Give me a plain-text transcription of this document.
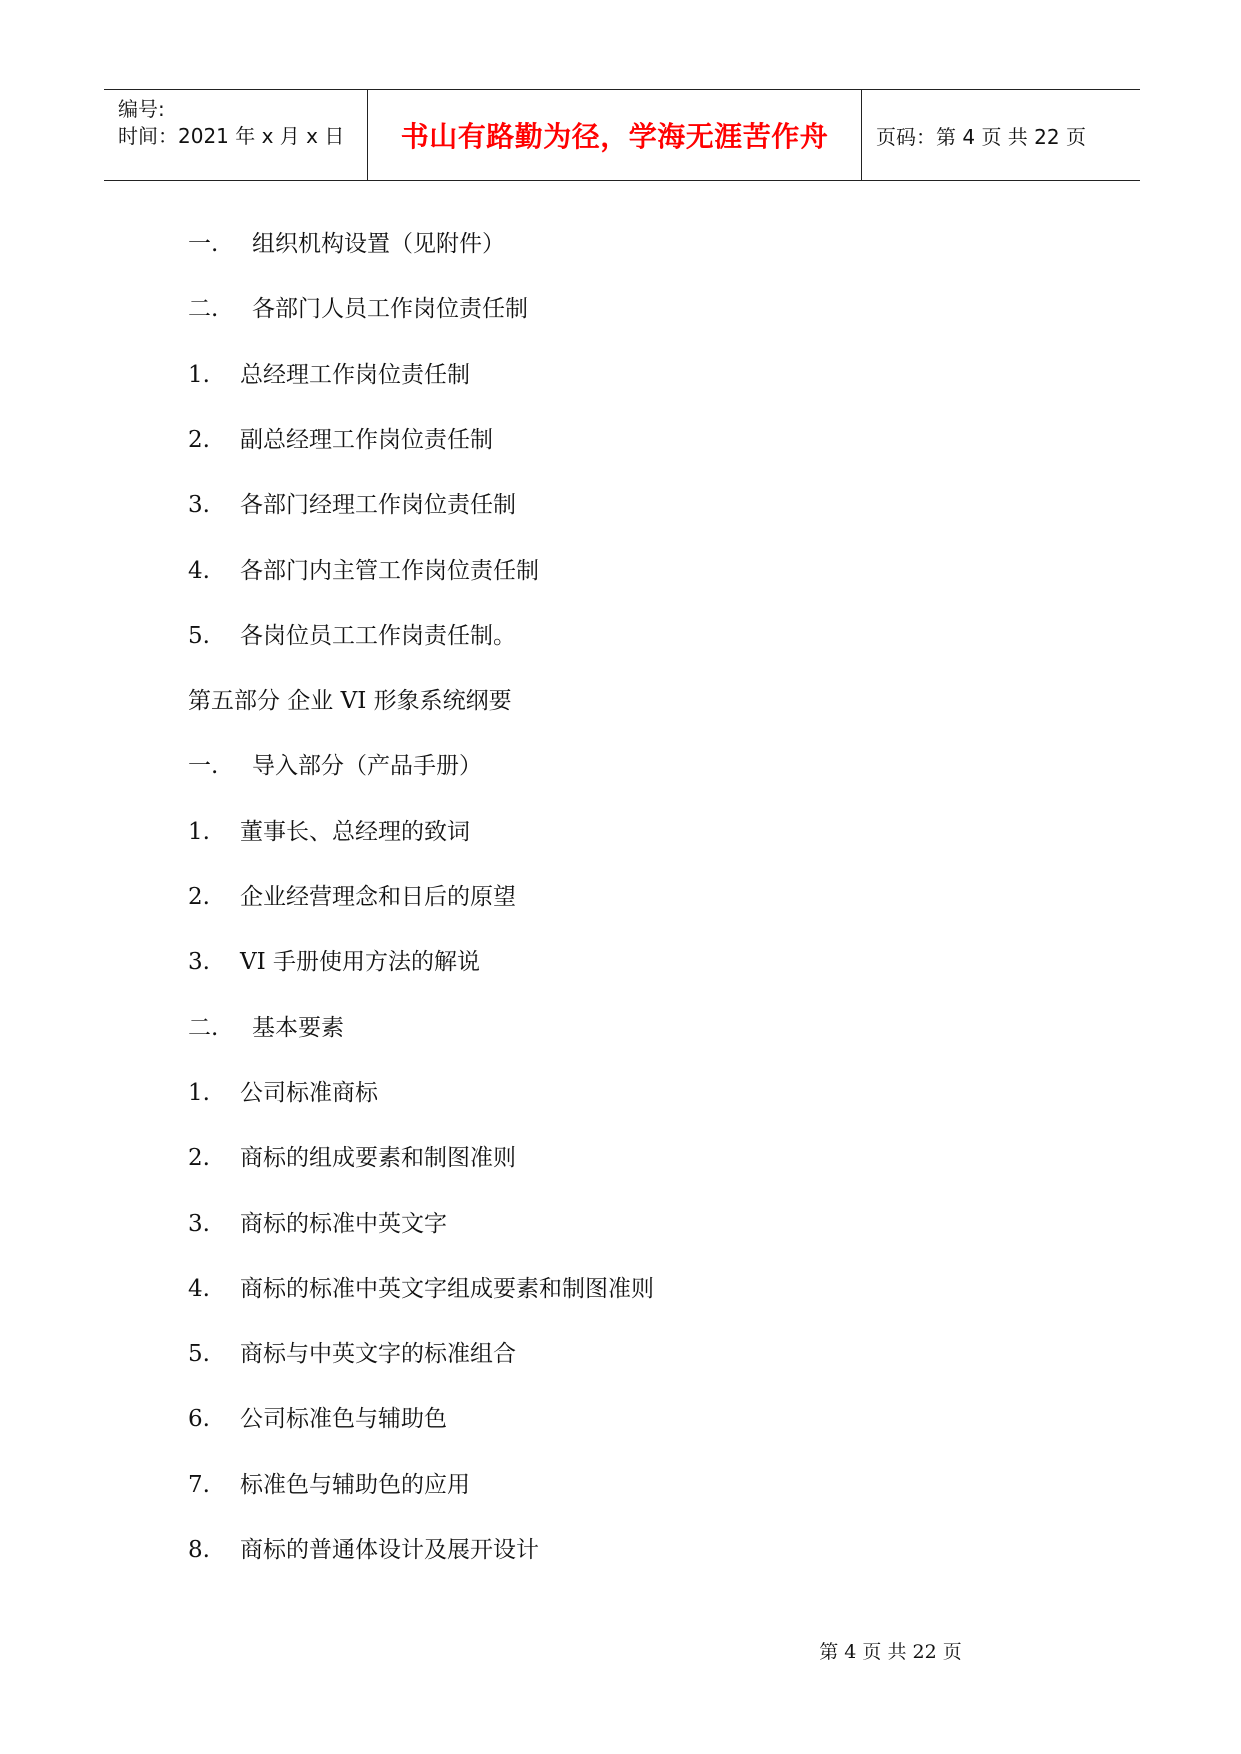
编号:
时间：2021 年 x 月 x 日 书山有路勤为径，学海无涯苦作舟 页码：第 4 页 共 22 页
一. 组织机构设置（见附件）
二. 各部门人员工作岗位责任制
1. 总经理工作岗位责任制
2. 副总经理工作岗位责任制
3. 各部门经理工作岗位责任制
4. 各部门内主管工作岗位责任制
5. 各岗位员工工作岗责任制。
第五部分 企业 VI 形象系统纲要
一. 导入部分（产品手册）
1. 董事长、总经理的致词
2. 企业经营理念和日后的原望
3. VI 手册使用方法的解说
二. 基本要素
1. 公司标准商标
2. 商标的组成要素和制图准则
3. 商标的标准中英文字
4. 商标的标准中英文字组成要素和制图准则
5. 商标与中英文字的标准组合
6. 公司标准色与辅助色
7. 标准色与辅助色的应用
8. 商标的普通体设计及展开设计
第 4 页 共 22 页
